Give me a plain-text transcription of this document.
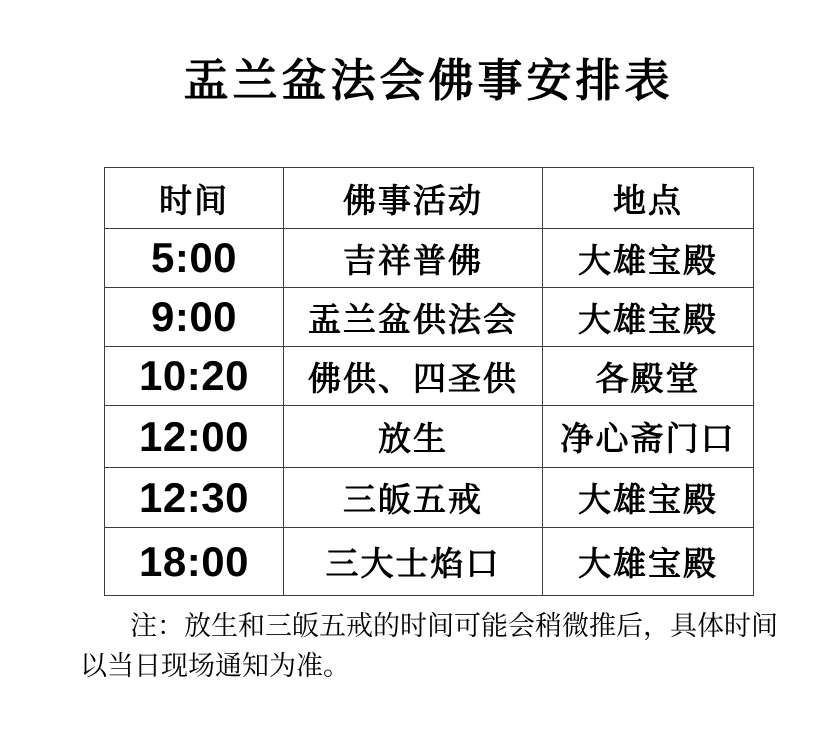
盂兰盆法会佛事安排表
时间	佛事活动	地点
5:00	吉祥普佛	大雄宝殿
9:00	盂兰盆供法会	大雄宝殿
10:20	佛供、四圣供	各殿堂
12:00	放生	净心斋门口
12:30	三皈五戒	大雄宝殿
18:00	三大士焰口	大雄宝殿
注：放生和三皈五戒的时间可能会稍微推后，具体时间
以当日现场通知为准。
